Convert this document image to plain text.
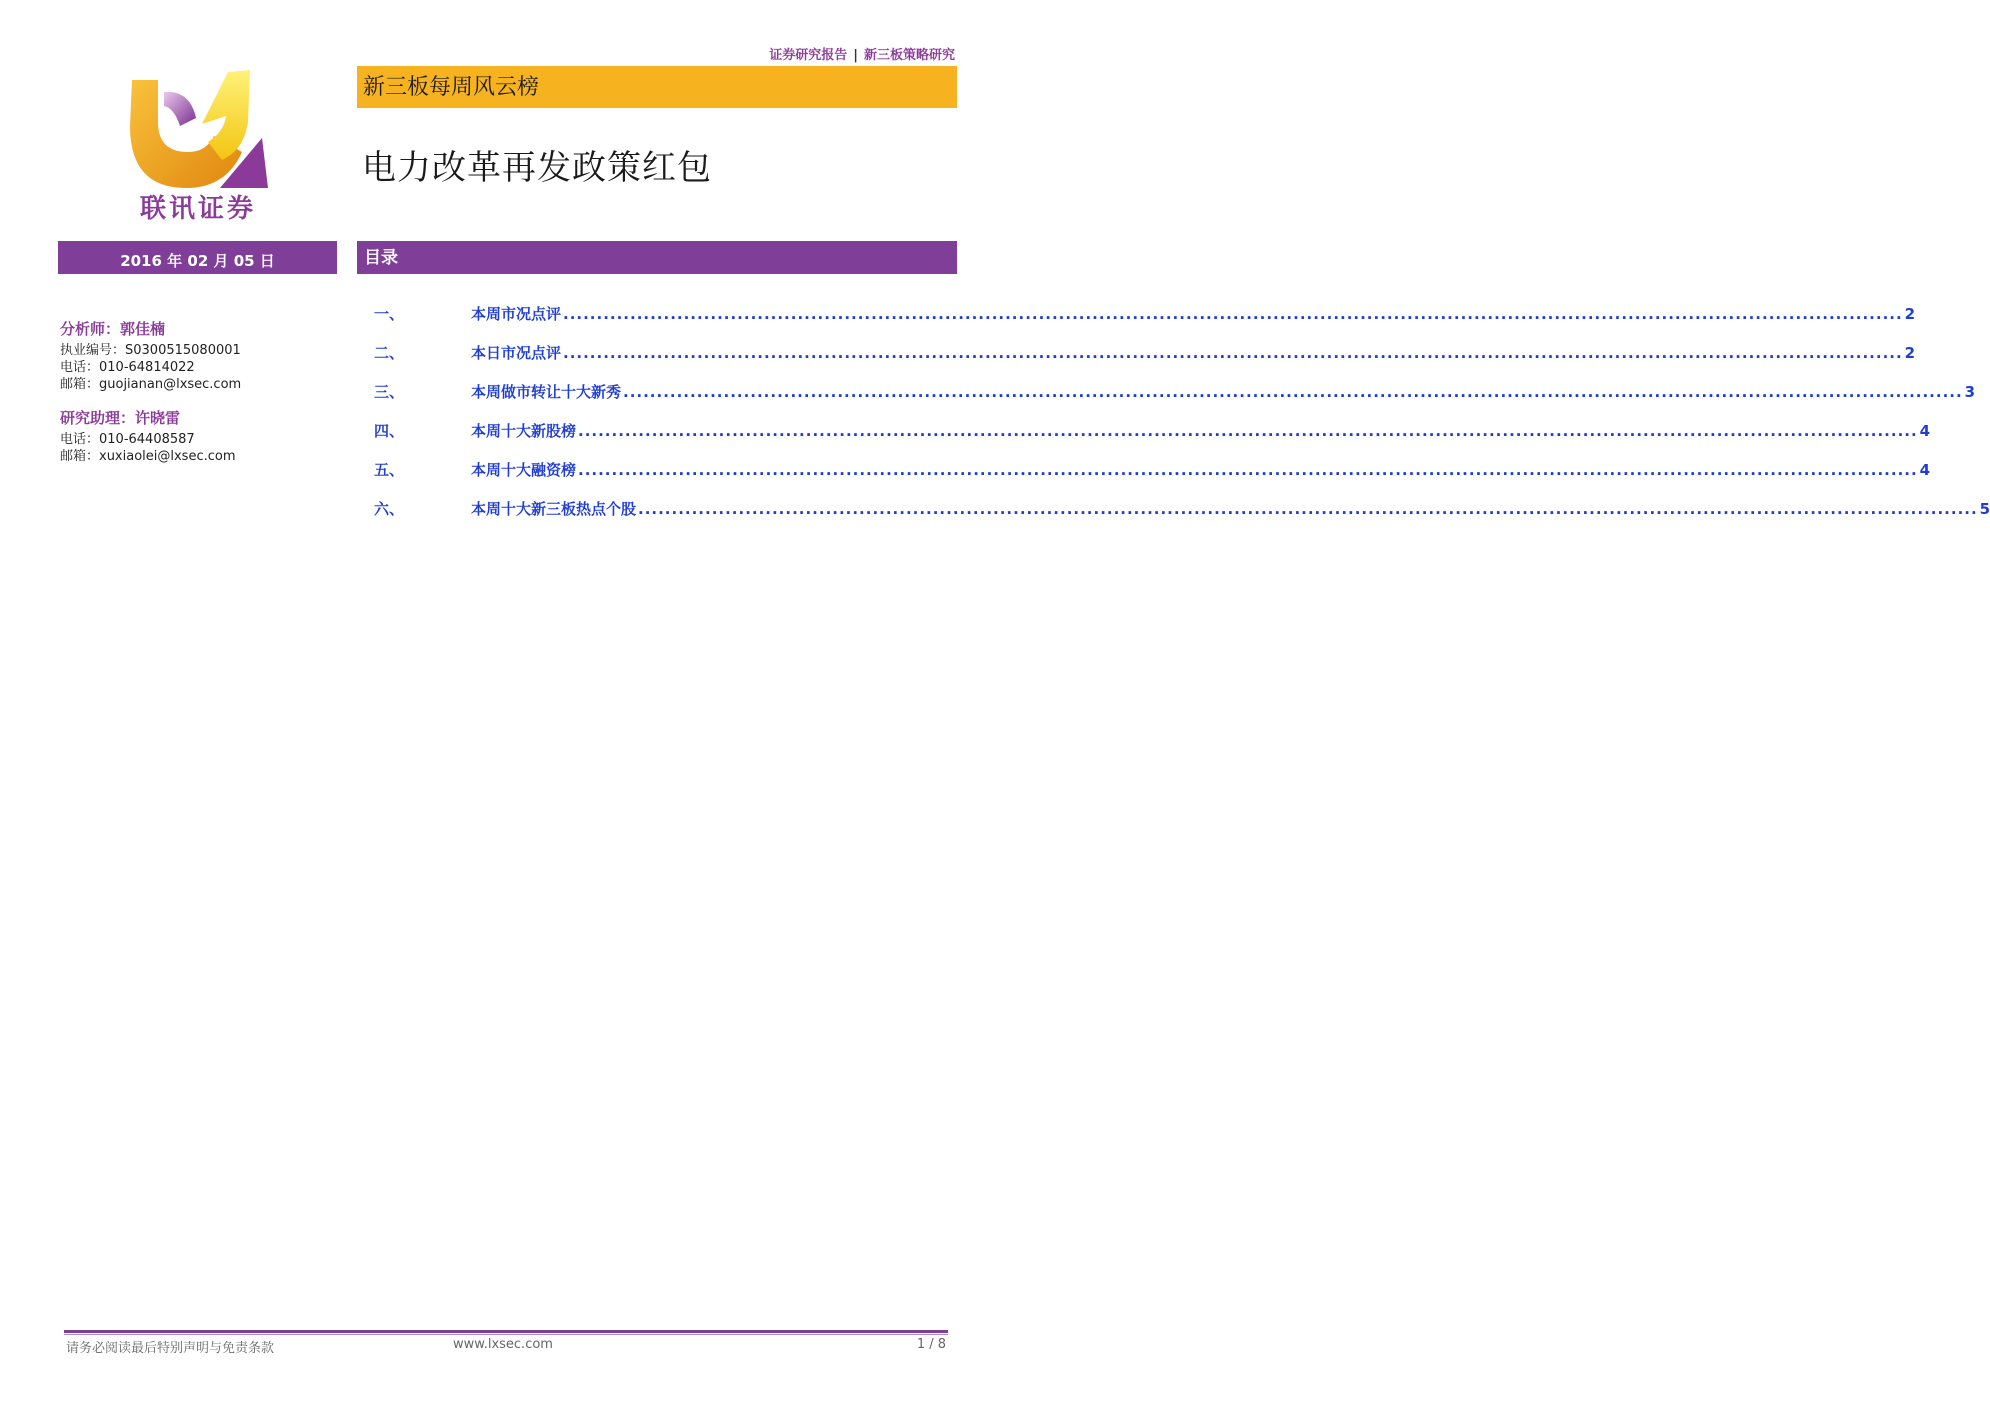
证券研究报告 | 新三板策略研究
联讯证券
新三板每周风云榜
电力改革再发政策红包
2016 年 02 月 05 日	目录
分析师：郭佳楠
执业编号：S0300515080001
电话：010-64814022
邮箱：guojianan@lxsec.com
研究助理：许晓雷
电话：010-64408587
邮箱：xuxiaolei@lxsec.com
一、	本周市况点评 ........................................................................................................................................................................................................ 2
二、	本日市况点评 ........................................................................................................................................................................................................ 2
三、	本周做市转让十大新秀 ........................................................................................................................................................................................................ 3
四、	本周十大新股榜 ........................................................................................................................................................................................................ 4
五、	本周十大融资榜 ........................................................................................................................................................................................................ 4
六、	本周十大新三板热点个股 ........................................................................................................................................................................................................ 5
请务必阅读最后特别声明与免责条款	www.lxsec.com	1 / 8
